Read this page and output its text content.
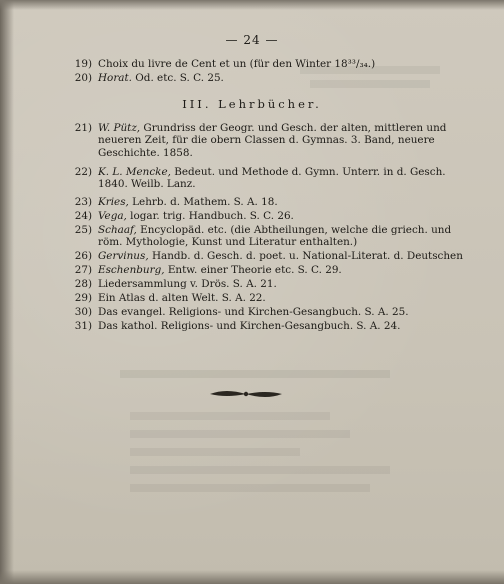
— 24 —
19) Choix du livre de Cent et un (für den Winter 18³³/₃₄.)
20) Horat. Od. etc. S. C. 25.
III. Lehrbücher.
21) W. Pütz, Grundriss der Geogr. und Gesch. der alten, mittleren und
neueren Zeit, für die obern Classen d. Gymnas. 3. Band, neuere
Geschichte. 1858.
22) K. L. Mencke, Bedeut. und Methode d. Gymn. Unterr. in d. Gesch.
1840. Weilb. Lanz.
23) Kries, Lehrb. d. Mathem. S. A. 18.
24) Vega, logar. trig. Handbuch. S. C. 26.
25) Schaaf, Encyclopäd. etc. (die Abtheilungen, welche die griech. und
röm. Mythologie, Kunst und Literatur enthalten.)
26) Gervinus, Handb. d. Gesch. d. poet. u. National-Literat. d. Deutschen
27) Eschenburg, Entw. einer Theorie etc. S. C. 29.
28) Liedersammlung v. Drös. S. A. 21.
29) Ein Atlas d. alten Welt. S. A. 22.
30) Das evangel. Religions- und Kirchen-Gesangbuch. S. A. 25.
31) Das kathol. Religions- und Kirchen-Gesangbuch. S. A. 24.
